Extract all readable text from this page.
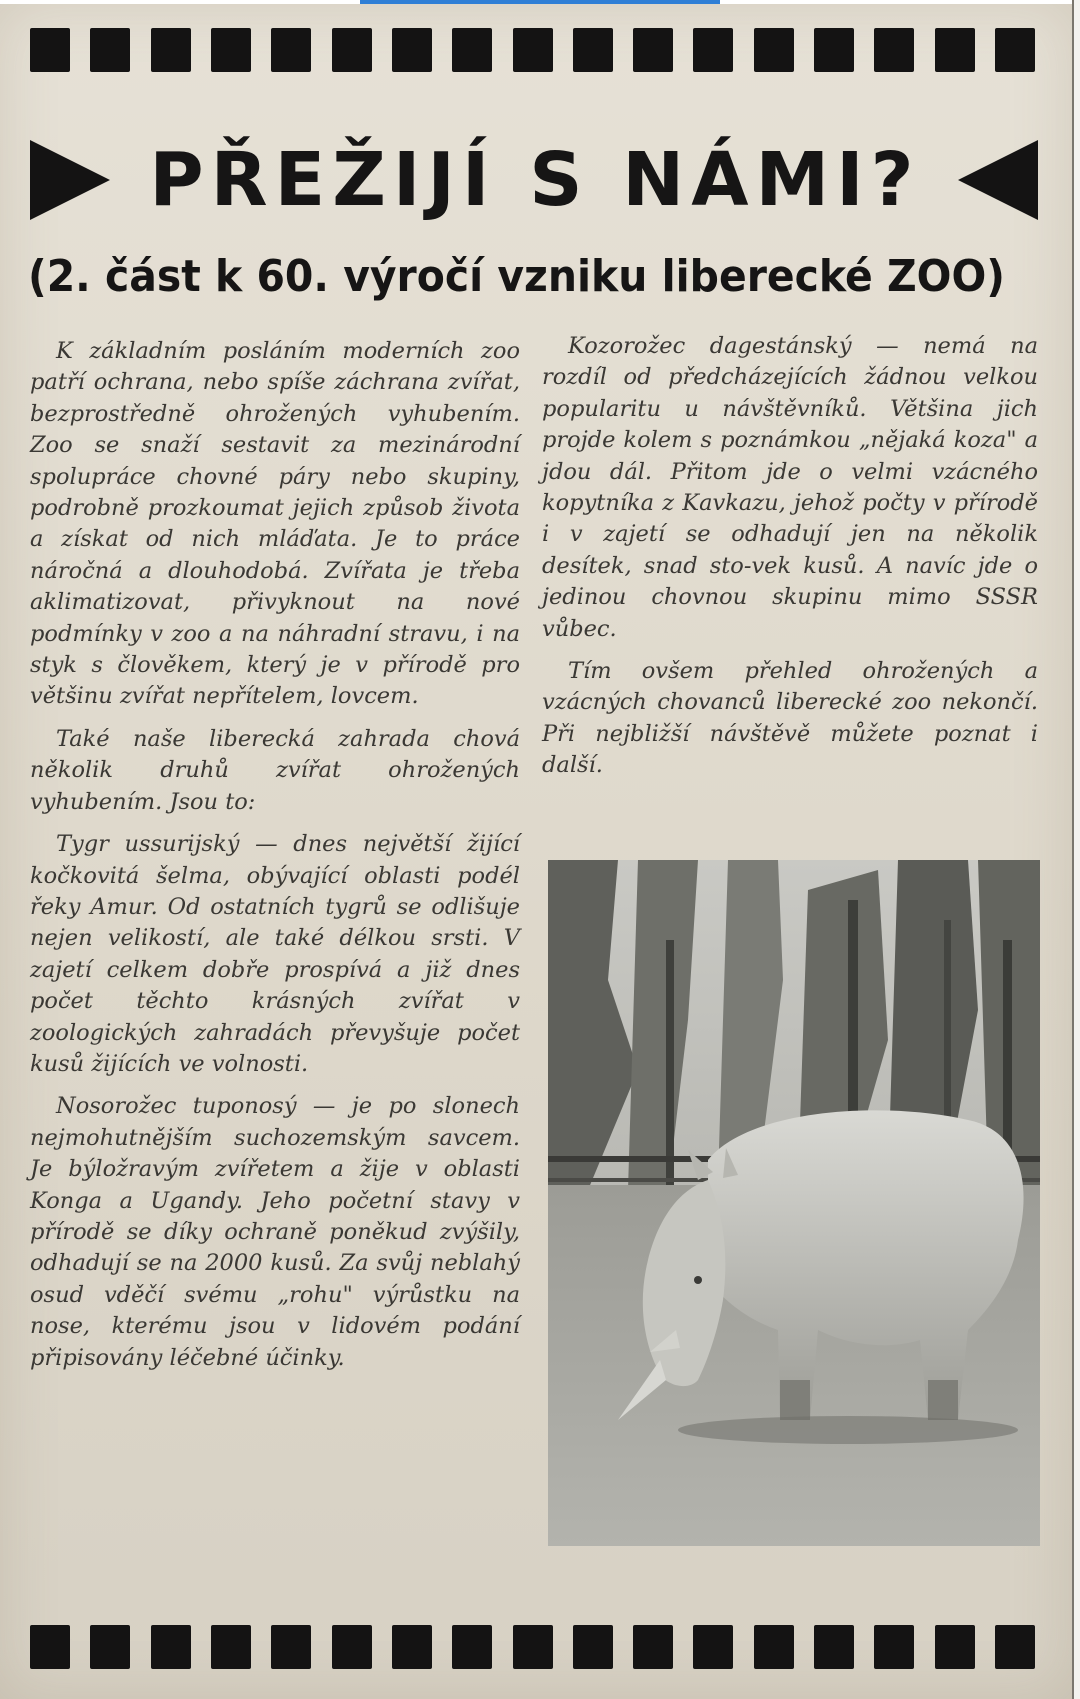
PŘEŽIJÍ S NÁMI?
(2. část k 60. výročí vzniku liberecké ZOO)

K základním posláním moderních zoo patří ochrana, nebo spíše záchrana zvířat, bezprostředně ohrožených vyhubením. Zoo se snaží sestavit za mezinárodní spolupráce chovné páry nebo skupiny, podrobně prozkoumat jejich způsob života a získat od nich mláďata. Je to práce náročná a dlouhodobá. Zvířata je třeba aklimatizovat, přivyknout na nové podmínky v zoo a na náhradní stravu, i na styk s člověkem, který je v přírodě pro většinu zvířat nepřítelem, lovcem.

Také naše liberecká zahrada chová několik druhů zvířat ohrožených vyhubením. Jsou to:

Tygr ussurijský — dnes největší žijící kočkovitá šelma, obývající oblasti podél řeky Amur. Od ostatních tygrů se odlišuje nejen velikostí, ale také délkou srsti. V zajetí celkem dobře prospívá a již dnes počet těchto krásných zvířat v zoologických zahradách převyšuje počet kusů žijících ve volnosti.

Nosorožec tuponosý — je po slonech nejmohutnějším suchozemským savcem. Je býložravým zvířetem a žije v oblasti Konga a Ugandy. Jeho početní stavy v přírodě se díky ochraně poněkud zvýšily, odhadují se na 2000 kusů. Za svůj neblahý osud vděčí svému „rohu" výrůstku na nose, kterému jsou v lidovém podání připisovány léčebné účinky.

Kozorožec dagestánský — nemá na rozdíl od předcházejících žádnou velkou popularitu u návštěvníků. Většina jich projde kolem s poznámkou „nějaká koza" a jdou dál. Přitom jde o velmi vzácného kopytníka z Kavkazu, jehož počty v přírodě i v zajetí se odhadují jen na několik desítek, snad sto-vek kusů. A navíc jde o jedinou chovnou skupinu mimo SSSR vůbec.

Tím ovšem přehled ohrožených a vzácných chovanců liberecké zoo nekončí. Při nejbližší návštěvě můžete poznat i další.
